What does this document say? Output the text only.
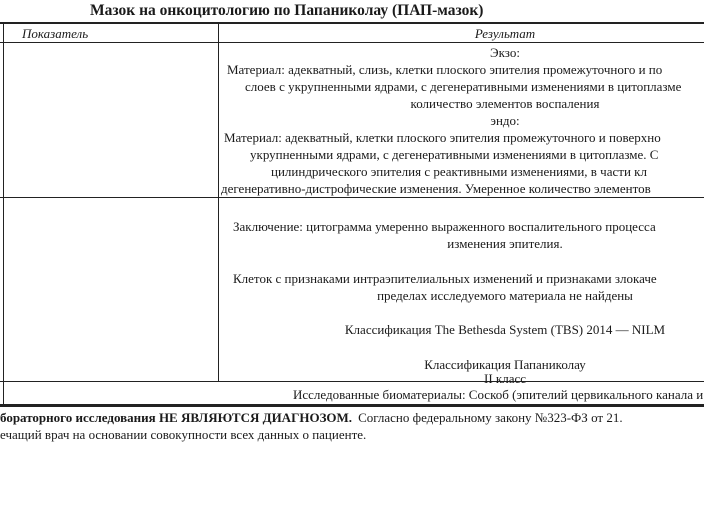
Мазок на онкоцитологию по Папаниколау (ПАП-мазок)
Показатель	Результат
Экзо:
Материал: адекватный, слизь, клетки плоского эпителия промежуточного и по
слоев с укрупненными ядрами, с дегенеративными изменениями в цитоплазме
количество элементов воспаления
эндо:
Материал: адекватный, клетки плоского эпителия промежуточного и поверхно
укрупненными ядрами, с дегенеративными изменениями в цитоплазме. С
цилиндрического эпителия с реактивными изменениями, в части кл
дегенеративно-дистрофические изменения. Умеренное количество элементов
Заключение: цитограмма умеренно выраженного воспалительного процесса
изменения эпителия.
Клеток с признаками интраэпителиальных изменений и признаками злокаче
пределах исследуемого материала не найдены
Классификация The Bethesda System (TBS) 2014 — NILM
Классификация Папаниколау
II класс
Исследованные биоматериалы: Соскоб (эпителий цервикального канала и
бораторного исследования НЕ ЯВЛЯЮТСЯ ДИАГНОЗОМ. Согласно федеральному закону №323-ФЗ от 21.
ечащий врач на основании совокупности всех данных о пациенте.
